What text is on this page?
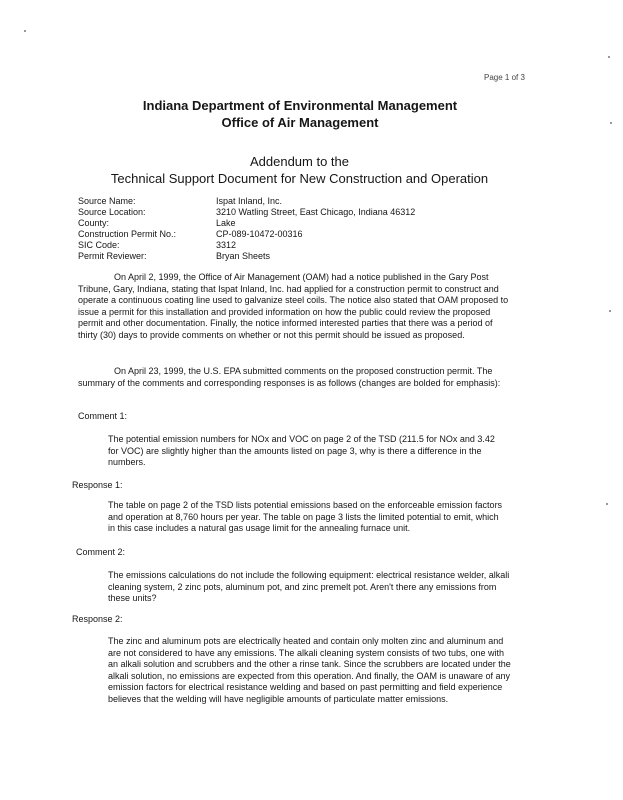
Page 1 of 3
Indiana Department of Environmental Management
Office of Air Management
Addendum to the
Technical Support Document for New Construction and Operation
Source Name:	Ispat Inland, Inc.
Source Location:	3210 Watling Street, East Chicago, Indiana 46312
County:	Lake
Construction Permit No.:	CP-089-10472-00316
SIC Code:	3312
Permit Reviewer:	Bryan Sheets

On April 2, 1999, the Office of Air Management (OAM) had a notice published in the Gary Post Tribune, Gary, Indiana, stating that Ispat Inland, Inc. had applied for a construction permit to construct and operate a continuous coating line used to galvanize steel coils. The notice also stated that OAM proposed to issue a permit for this installation and provided information on how the public could review the proposed permit and other documentation. Finally, the notice informed interested parties that there was a period of thirty (30) days to provide comments on whether or not this permit should be issued as proposed.

On April 23, 1999, the U.S. EPA submitted comments on the proposed construction permit. The summary of the comments and corresponding responses is as follows (changes are bolded for emphasis):

Comment 1:

The potential emission numbers for NOx and VOC on page 2 of the TSD (211.5 for NOx and 3.42 for VOC) are slightly higher than the amounts listed on page 3, why is there a difference in the numbers.

Response 1:

The table on page 2 of the TSD lists potential emissions based on the enforceable emission factors and operation at 8,760 hours per year. The table on page 3 lists the limited potential to emit, which in this case includes a natural gas usage limit for the annealing furnace unit.

Comment 2:

The emissions calculations do not include the following equipment: electrical resistance welder, alkali cleaning system, 2 zinc pots, aluminum pot, and zinc premelt pot. Aren't there any emissions from these units?

Response 2:

The zinc and aluminum pots are electrically heated and contain only molten zinc and aluminum and are not considered to have any emissions. The alkali cleaning system consists of two tubs, one with an alkali solution and scrubbers and the other a rinse tank. Since the scrubbers are located under the alkali solution, no emissions are expected from this operation. And finally, the OAM is unaware of any emission factors for electrical resistance welding and based on past permitting and field experience believes that the welding will have negligible amounts of particulate matter emissions.
